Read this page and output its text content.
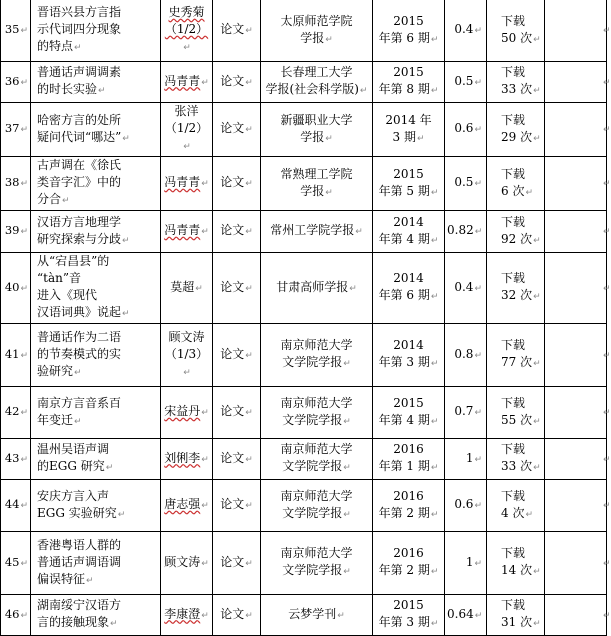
35↵	晋语兴县方言指
示代词四分现象
的特点↵	史秀菊
（1/2）↵	论文↵	太原师范学院
学报↵	2015
年第 6 期↵	0.4↵	下载
50 次↵	↵
36↵	普通话声调调素
的时长实验↵	冯青青↵	论文↵	长春理工大学
学报(社会科学版)↵	2015
年第 8 期↵	0.5↵	下载
33 次↵	↵
37↵	哈密方言的处所
疑问代词“哪达”↵	张洋
（1/2）↵	论文↵	新疆职业大学
学报↵	2014 年
3 期↵	0.6↵	下载
29 次↵	↵
38↵	古声调在《徐氏
类音字汇》中的
分合↵	冯青青↵	论文↵	常熟理工学院
学报↵	2015
年第 5 期↵	0.5↵	下载
6 次↵	↵
39↵	汉语方言地理学
研究探索与分歧↵	冯青青↵	论文↵	常州工学院学报↵	2014
年第 4 期↵	0.82↵	下载
92 次↵	↵
40↵	从“宕昌县”的
“tàn”音
进入《现代
汉语词典》说起↵	莫超↵	论文↵	甘肃高师学报↵	2014
年第 6 期↵	0.4↵	下载
32 次↵	↵
41↵	普通话作为二语
的节奏模式的实
验研究↵	顾文涛
（1/3）↵	论文↵	南京师范大学
文学院学报↵	2014
年第 3 期↵	0.8↵	下载
77 次↵	↵
42↵	南京方言音系百
年变迁↵	宋益丹↵	论文↵	南京师范大学
文学院学报↵	2015
年第 4 期↵	0.7↵	下载
55 次↵	↵
43↵	温州吴语声调
的EGG 研究↵	刘俐李↵	论文↵	南京师范大学
文学院学报↵	2016
年第 1 期↵	1↵	下载
33 次↵	↵
44↵	安庆方言入声
EGG 实验研究↵	唐志强↵	论文↵	南京师范大学
文学院学报↵	2016
年第 2 期↵	0.6↵	下载
4 次↵	↵
45↵	香港粤语人群的
普通话声调语调
偏误特征↵	顾文涛↵	论文↵	南京师范大学
文学院学报↵	2016
年第 2 期↵	1↵	下载
14 次↵	↵
46↵	湖南绥宁汉语方
言的接触现象↵	李康澄↵	论文↵	云梦学刊↵	2015
年第 3 期↵	0.64↵	下载
31 次↵	↵
